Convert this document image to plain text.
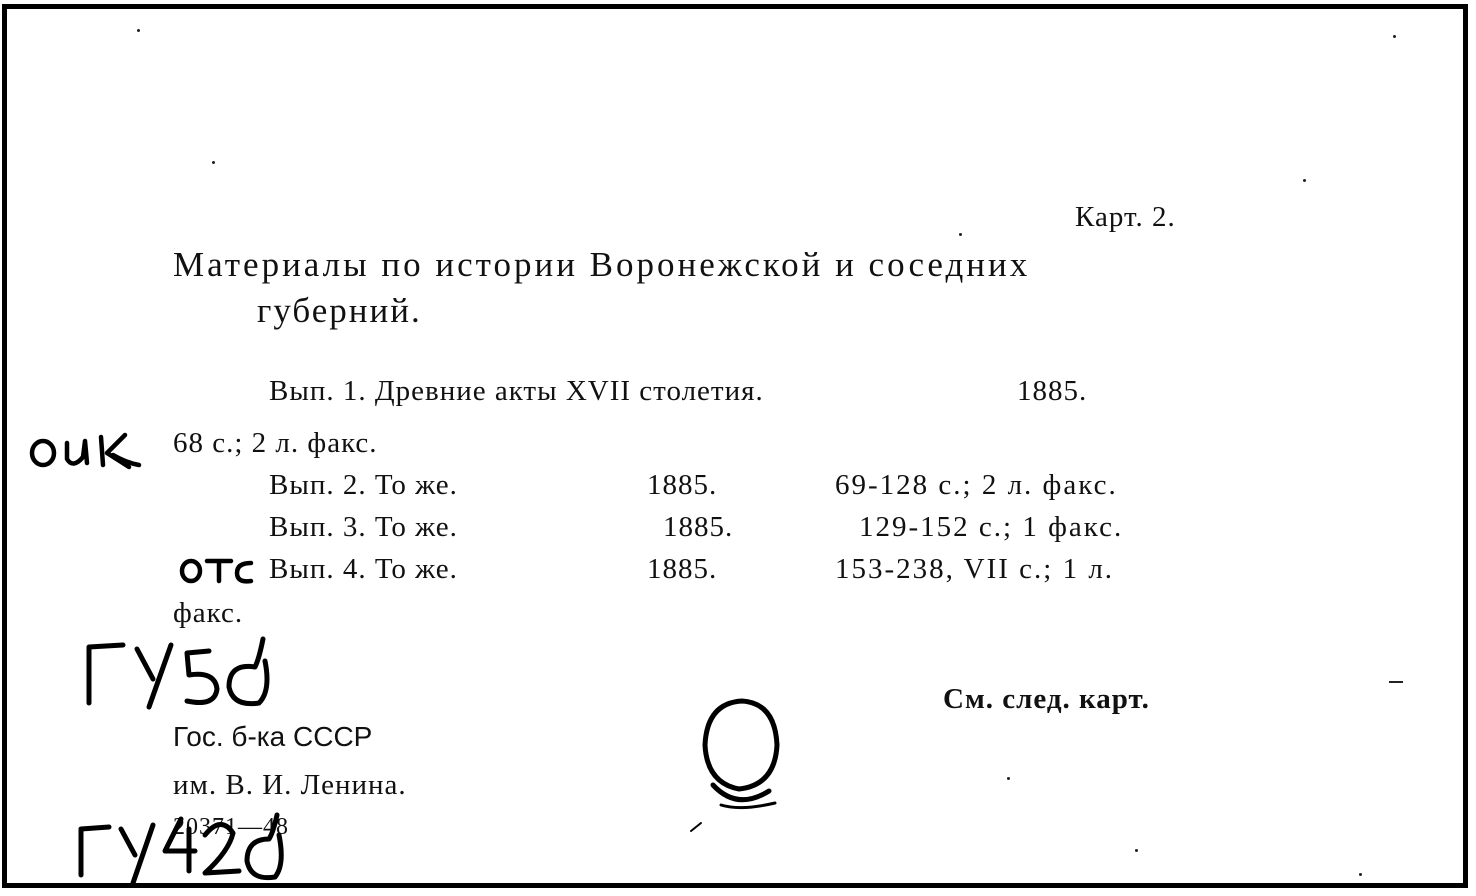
Карт. 2.
Материалы по истории Воронежской и соседних
губерний.
Вып. 1. Древние акты XVII столетия.	1885.
68 с.; 2 л. факс.
Вып. 2. То же.	1885.	69-128 с.; 2 л. факс.
Вып. 3. То же.	1885.	129-152 с.; 1 факс.
Вып. 4. То же.	1885.	153-238, VII с.; 1 л.
факс.
См. след. карт.
Гос. б-ка СССР
им. В. И. Ленина.
20371—48
